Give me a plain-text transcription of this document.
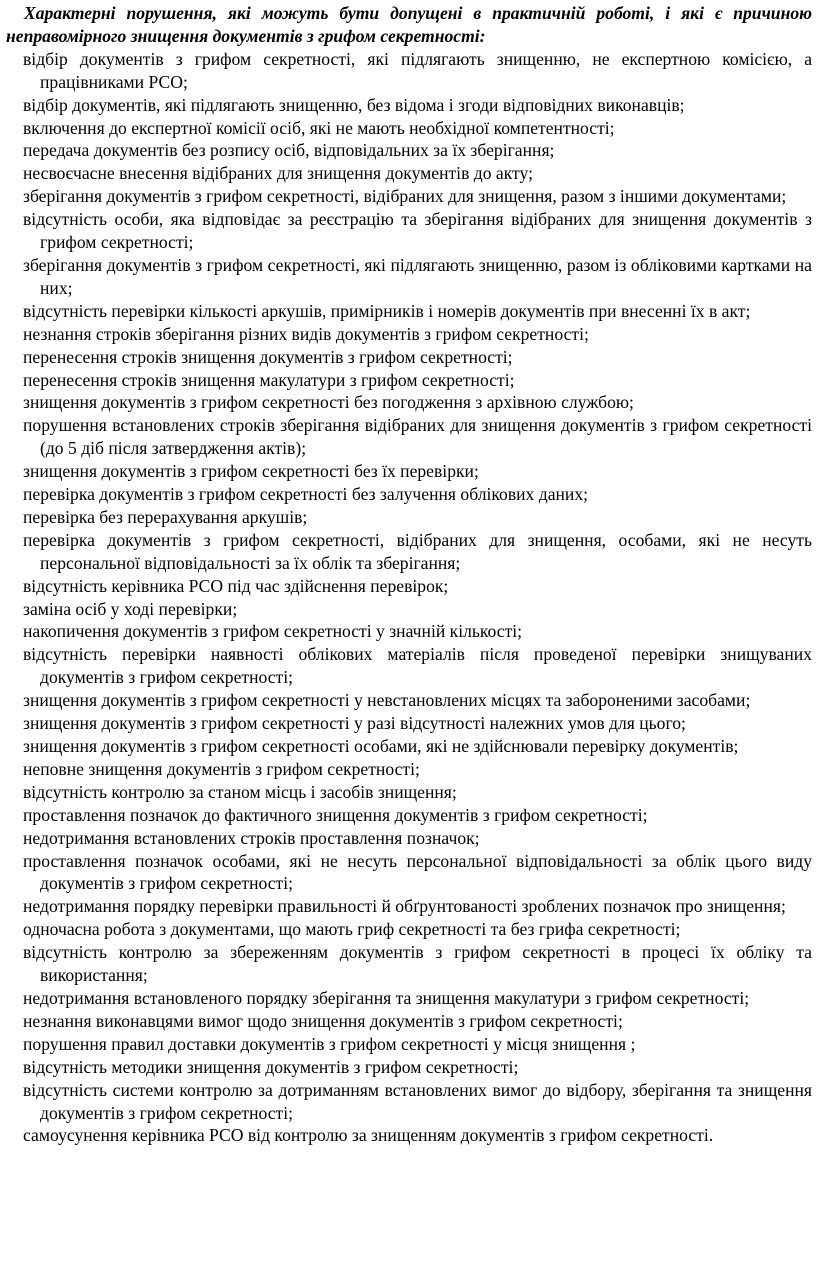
Характерні порушення, які можуть бути допущені в практичній роботі, і які є причиною неправомірного знищення документів з грифом секретності:

відбір документів з грифом секретності, які підлягають знищенню, не експертною комісією, а працівниками РСО;
відбір документів, які підлягають знищенню, без відома і згоди відповідних виконавців;
включення до експертної комісії осіб, які не мають необхідної компетентності;
передача документів без розпису осіб, відповідальних за їх зберігання;
несвоєчасне внесення відібраних для знищення документів до акту;
зберігання документів з грифом секретності, відібраних для знищення, разом з іншими документами;
відсутність особи, яка відповідає за реєстрацію та зберігання відібраних для знищення документів з грифом секретності;
зберігання документів з грифом секретності, які підлягають знищенню, разом із обліковими картками на них;
відсутність перевірки кількості аркушів, примірників і номерів документів при внесенні їх в акт;
незнання строків зберігання різних видів документів з грифом секретності;
перенесення строків знищення документів з грифом секретності;
перенесення строків знищення макулатури з грифом секретності;
знищення документів з грифом секретності без погодження з архівною службою;
порушення встановлених строків зберігання відібраних для знищення документів з грифом секретності (до 5 діб після затвердження актів);
знищення документів з грифом секретності без їх перевірки;
перевірка документів з грифом секретності без залучення облікових даних;
перевірка без перерахування аркушів;
перевірка документів з грифом секретності, відібраних для знищення, особами, які не несуть персональної відповідальності за їх облік та зберігання;
відсутність керівника РСО під час здійснення перевірок;
заміна осіб у ході перевірки;
накопичення документів з грифом секретності у значній кількості;
відсутність перевірки наявності облікових матеріалів після проведеної перевірки знищуваних документів з грифом секретності;
знищення документів з грифом секретності у невстановлених місцях та забороненими засобами;
знищення документів з грифом секретності у разі відсутності належних умов для цього;
знищення документів з грифом секретності особами, які не здійснювали перевірку документів;
неповне знищення документів з грифом секретності;
відсутність контролю за станом місць і засобів знищення;
проставлення позначок до фактичного знищення документів з грифом секретності;
недотримання встановлених строків проставлення позначок;
проставлення позначок особами, які не несуть персональної відповідальності за облік цього виду документів з грифом секретності;
недотримання порядку перевірки правильності й обґрунтованості зроблених позначок про знищення;
одночасна робота з документами, що мають гриф секретності та без грифа секретності;
відсутність контролю за збереженням документів з грифом секретності в процесі їх обліку та використання;
недотримання встановленого порядку зберігання та знищення макулатури з грифом секретності;
незнання виконавцями вимог щодо знищення документів з грифом секретності;
порушення правил доставки документів з грифом секретності у місця знищення ;
відсутність методики знищення документів з грифом секретності;
відсутність системи контролю за дотриманням встановлених вимог до відбору, зберігання та знищення документів з грифом секретності;
самоусунення керівника РСО від контролю за знищенням документів з грифом секретності.
